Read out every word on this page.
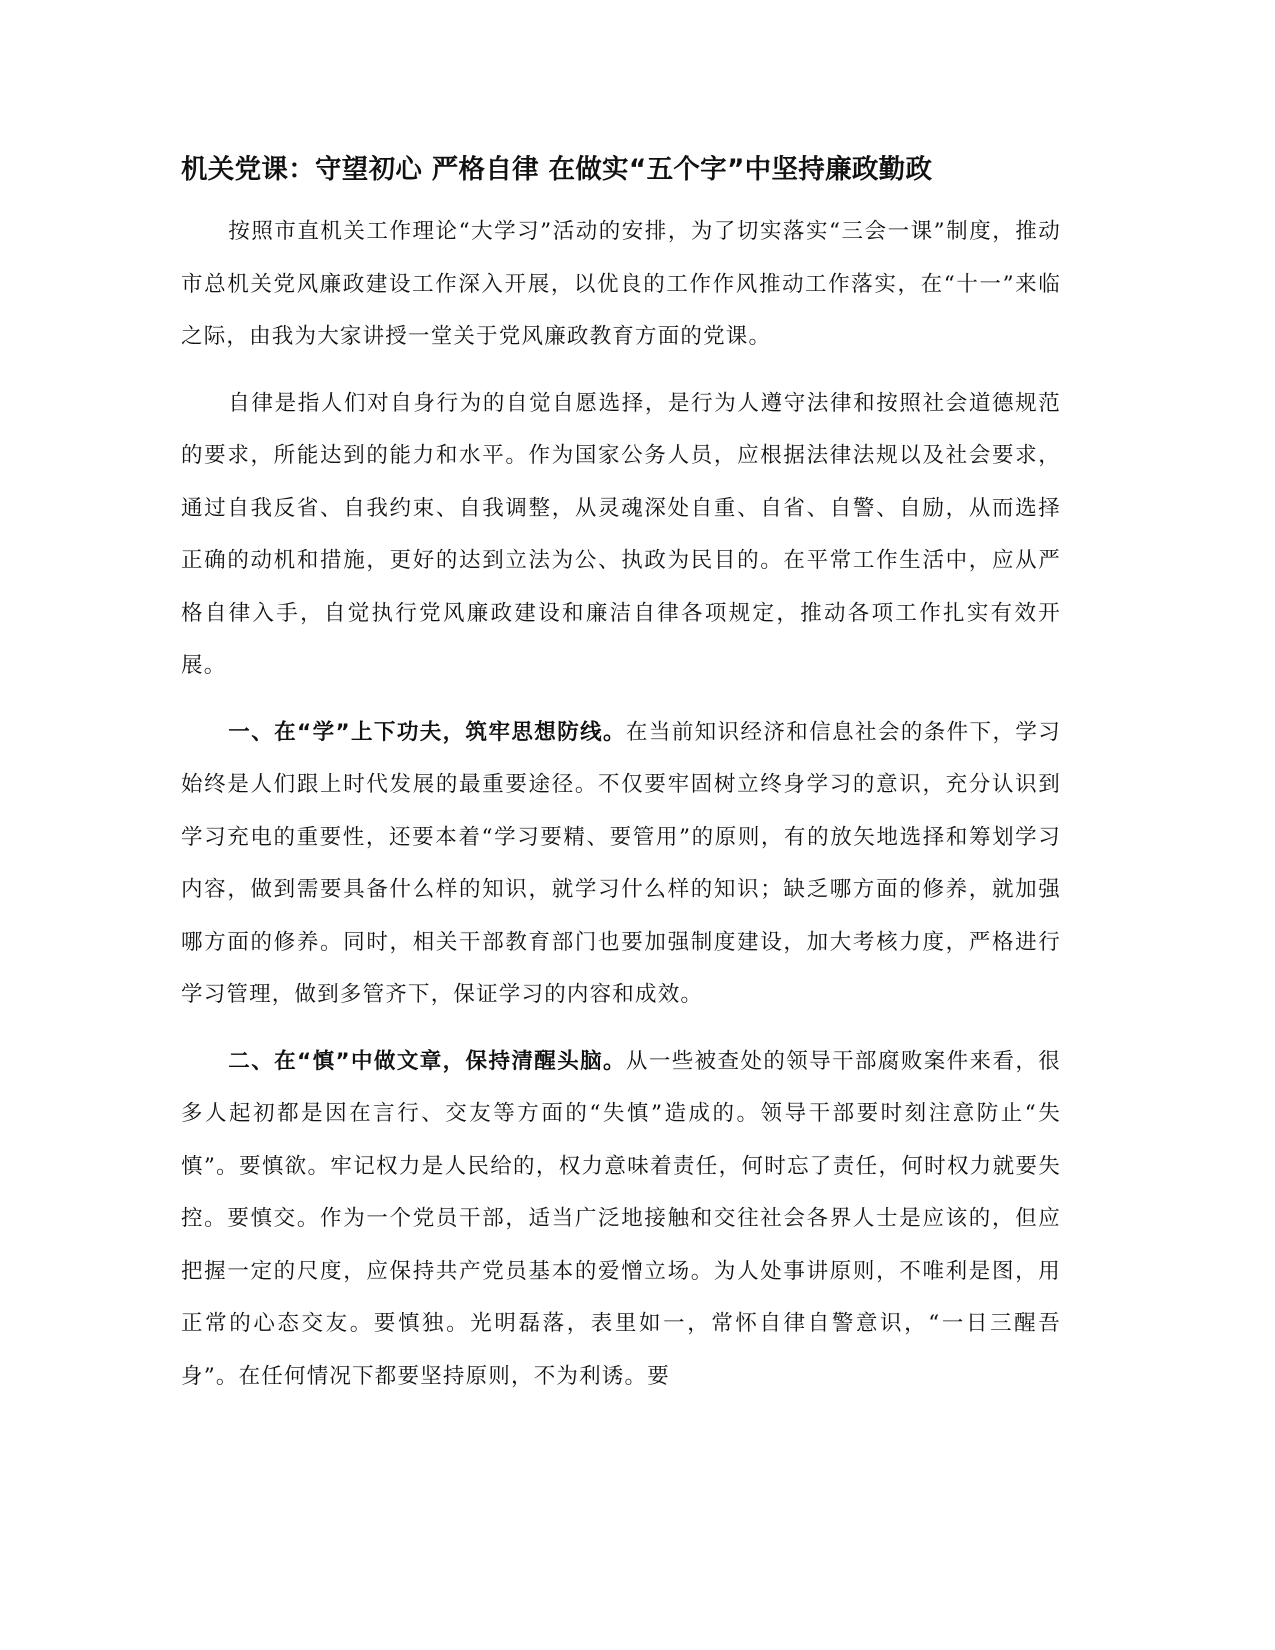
机关党课：守望初心 严格自律 在做实“五个字”中坚持廉政勤政

按照市直机关工作理论“大学习”活动的安排，为了切实落实“三会一课”制度，推动市总机关党风廉政建设工作深入开展，以优良的工作作风推动工作落实，在“十一”来临之际，由我为大家讲授一堂关于党风廉政教育方面的党课。

自律是指人们对自身行为的自觉自愿选择，是行为人遵守法律和按照社会道德规范的要求，所能达到的能力和水平。作为国家公务人员，应根据法律法规以及社会要求，通过自我反省、自我约束、自我调整，从灵魂深处自重、自省、自警、自励，从而选择正确的动机和措施，更好的达到立法为公、执政为民目的。在平常工作生活中，应从严格自律入手，自觉执行党风廉政建设和廉洁自律各项规定，推动各项工作扎实有效开展。

一、在“学”上下功夫，筑牢思想防线。在当前知识经济和信息社会的条件下，学习始终是人们跟上时代发展的最重要途径。不仅要牢固树立终身学习的意识，充分认识到学习充电的重要性，还要本着“学习要精、要管用”的原则，有的放矢地选择和筹划学习内容，做到需要具备什么样的知识，就学习什么样的知识；缺乏哪方面的修养，就加强哪方面的修养。同时，相关干部教育部门也要加强制度建设，加大考核力度，严格进行学习管理，做到多管齐下，保证学习的内容和成效。

二、在“慎”中做文章，保持清醒头脑。从一些被查处的领导干部腐败案件来看，很多人起初都是因在言行、交友等方面的“失慎”造成的。领导干部要时刻注意防止“失慎”。要慎欲。牢记权力是人民给的，权力意味着责任，何时忘了责任，何时权力就要失控。要慎交。作为一个党员干部，适当广泛地接触和交往社会各界人士是应该的，但应把握一定的尺度，应保持共产党员基本的爱憎立场。为人处事讲原则，不唯利是图，用正常的心态交友。要慎独。光明磊落，表里如一，常怀自律自警意识，“一日三醒吾身”。在任何情况下都要坚持原则，不为利诱。要
